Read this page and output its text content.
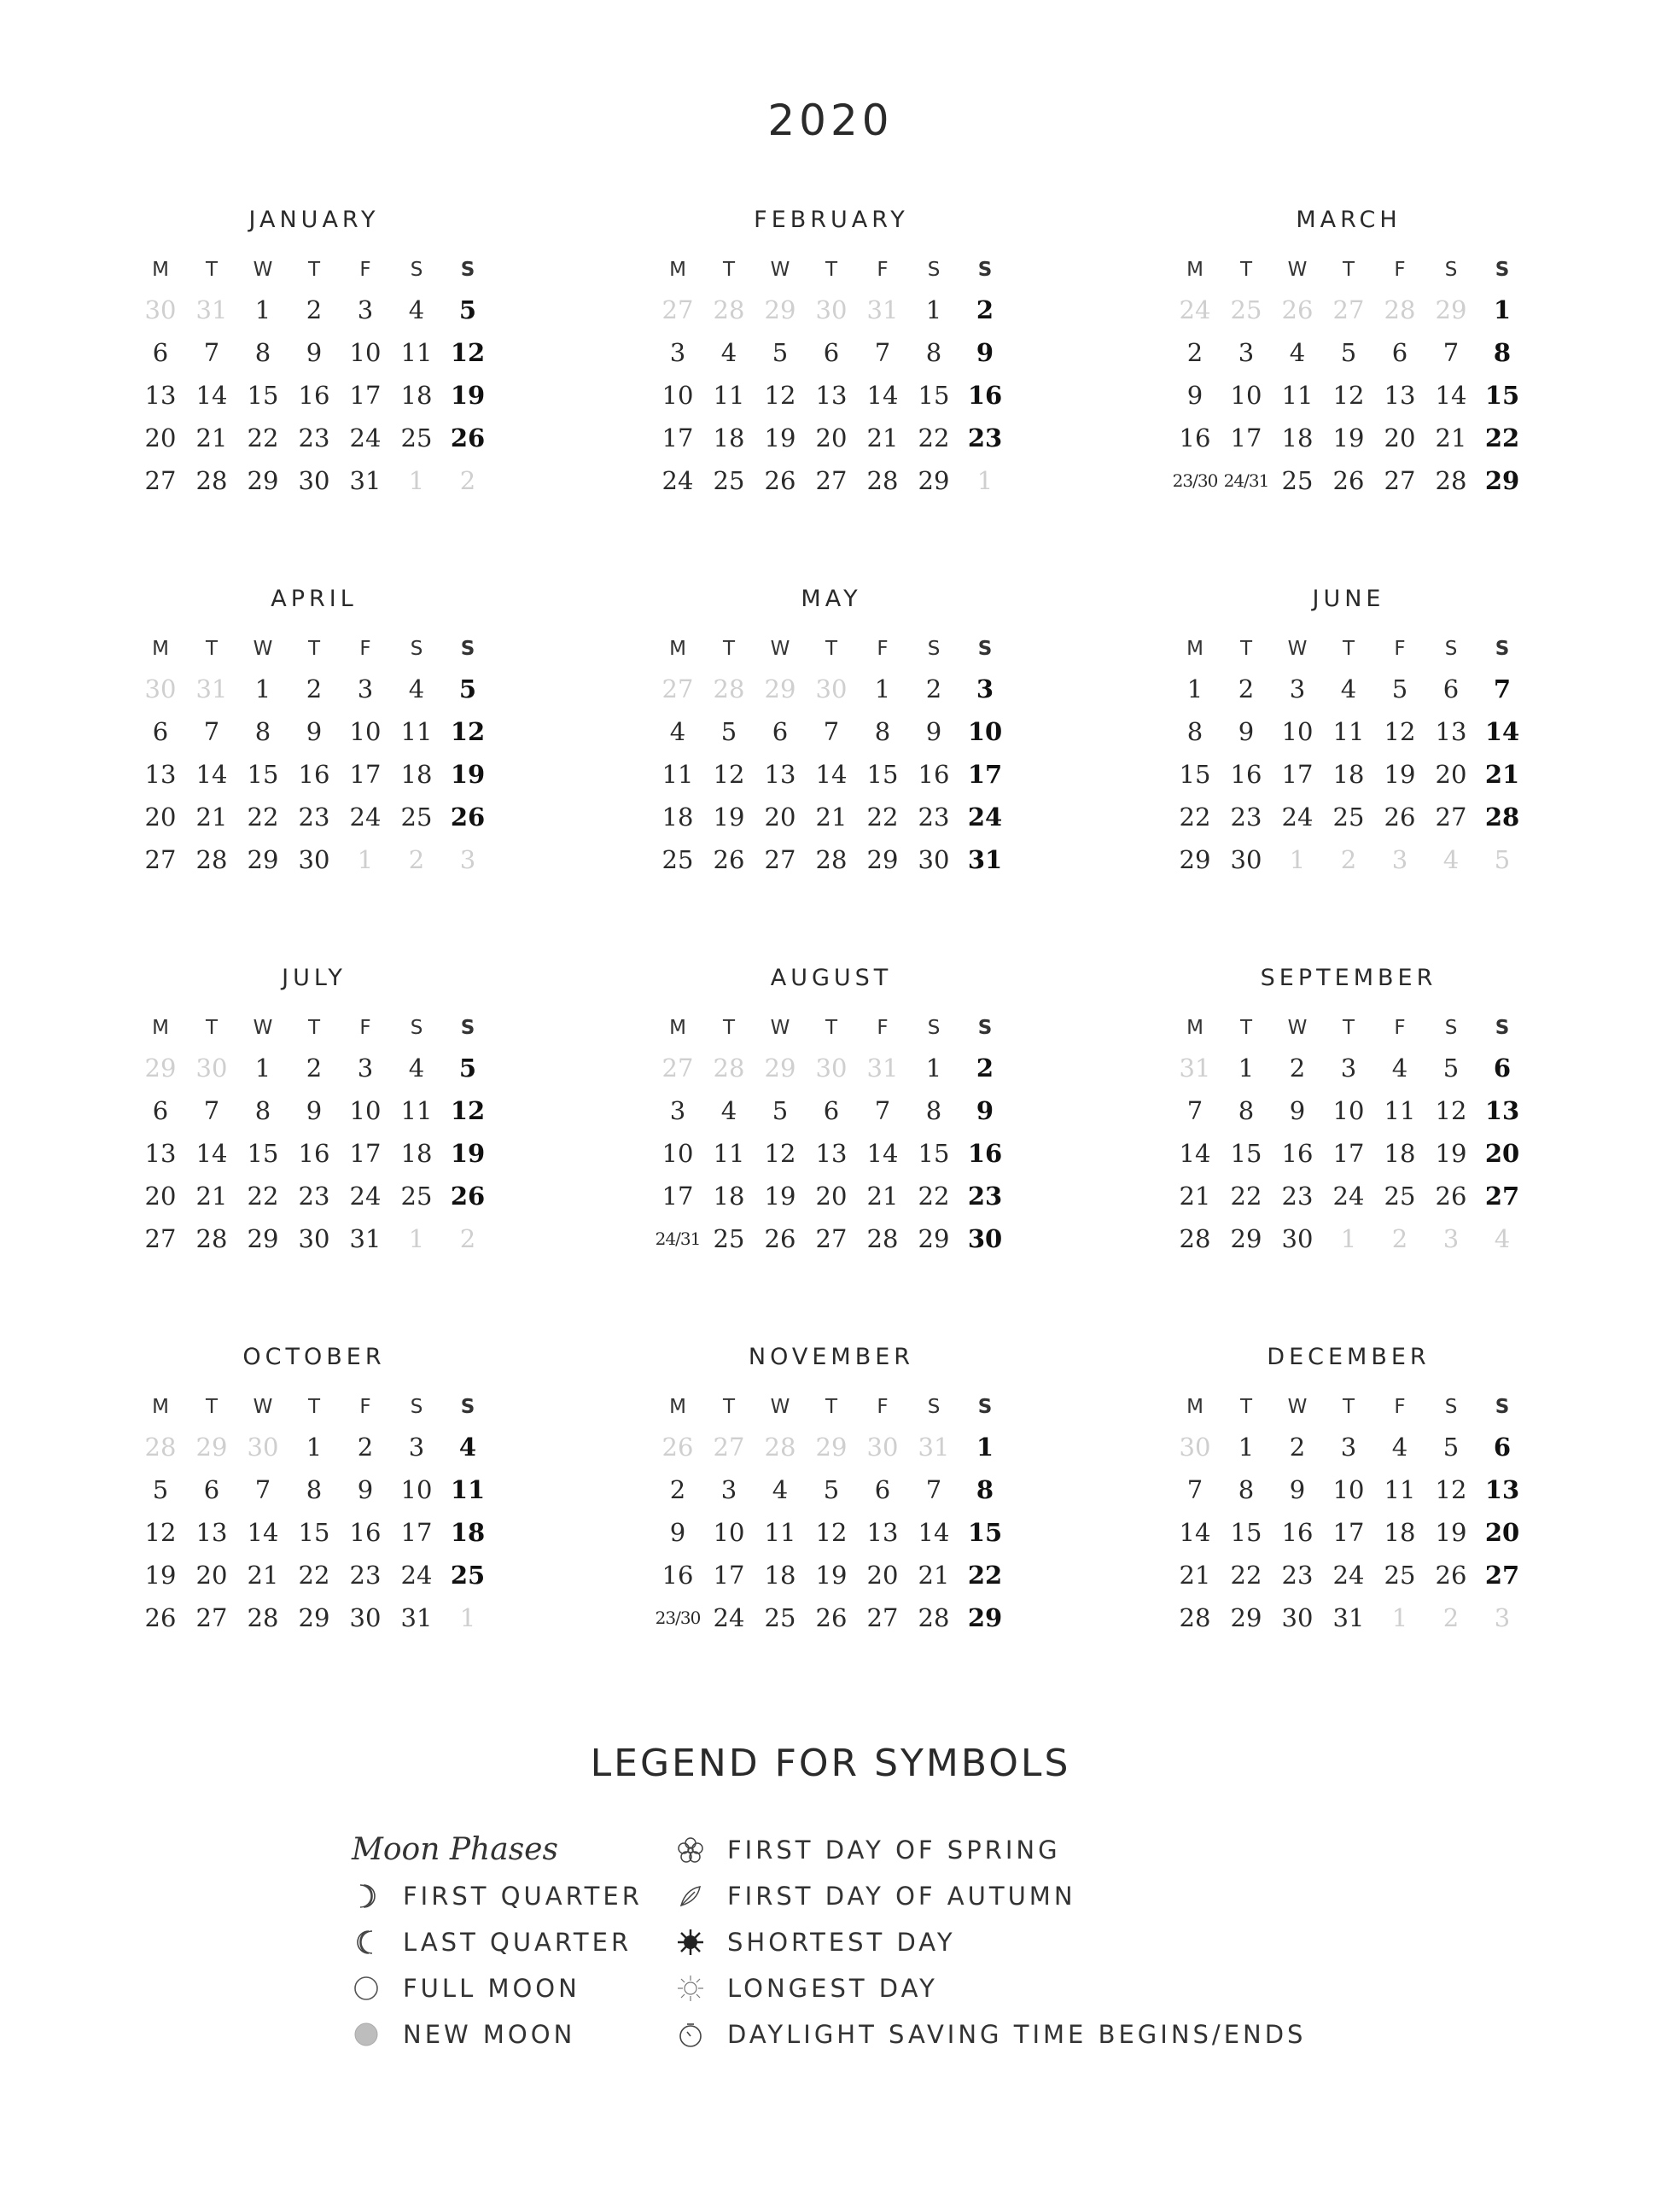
2020
JANUARY
M	T	W	T	F	S	S
30 31	1	2	3	4	5
6	7	8	9	10 11 12
13 14 15 16 17 18 19
20 21 22 23 24 25 26
27 28 29 30 31	1	2
FEBRUARY
M	T	W	T	F	S	S
27 28 29 30 31	1	2
3	4	5	6	7	8	9
10 11 12 13 14 15 16
17 18 19 20 21 22 23
24 25 26 27 28 29	1
MARCH
M	T	W	T	F	S	S
24 25 26 27 28 29	1
2	3	4	5	6	7	8
9	10 11 12 13 14 15
16 17 18 19 20 21 22
23/30 24/31 25 26 27 28 29
APRIL
M	T	W	T	F	S	S
30 31	1	2	3	4	5
6	7	8	9	10 11 12
13 14 15 16 17 18 19
20 21 22 23 24 25 26
27 28 29 30	1	2	3
MAY
M	T	W	T	F	S	S
27 28 29 30	1	2	3
4	5	6	7	8	9	10
11 12 13 14 15 16 17
18 19 20 21 22 23 24
25 26 27 28 29 30 31
JUNE
M	T	W	T	F	S	S
1	2	3	4	5	6	7
8	9	10 11 12 13 14
15 16 17 18 19 20 21
22 23 24 25 26 27 28
29 30	1	2	3	4	5
JULY
M	T	W	T	F	S	S
29 30	1	2	3	4	5
6	7	8	9	10 11 12
13 14 15 16 17 18 19
20 21 22 23 24 25 26
27 28 29 30 31	1	2
AUGUST
M	T	W	T	F	S	S
27 28 29 30 31	1	2
3	4	5	6	7	8	9
10 11 12 13 14 15 16
17 18 19 20 21 22 23
24/31 25 26 27 28 29 30
SEPTEMBER
M	T	W	T	F	S	S
31	1	2	3	4	5	6
7	8	9	10 11 12 13
14 15 16 17 18 19 20
21 22 23 24 25 26 27
28 29 30	1	2	3	4
OCTOBER
M	T	W	T	F	S	S
28 29 30	1	2	3	4
5	6	7	8	9	10 11
12 13 14 15 16 17 18
19 20 21 22 23 24 25
26 27 28 29 30 31	1
NOVEMBER
M	T	W	T	F	S	S
26 27 28 29 30 31	1
2	3	4	5	6	7	8
9	10 11 12 13 14 15
16 17 18 19 20 21 22
23/30 24 25 26 27 28 29
DECEMBER
M	T	W	T	F	S	S
30	1	2	3	4	5	6
7	8	9	10 11 12 13
14 15 16 17 18 19 20
21 22 23 24 25 26 27
28 29 30 31	1	2	3
LEGEND FOR SYMBOLS
Moon Phases
FIRST QUARTER
LAST QUARTER
FULL MOON
NEW MOON
FIRST DAY OF SPRING
FIRST DAY OF AUTUMN
SHORTEST DAY
LONGEST DAY
DAYLIGHT SAVING TIME BEGINS/ENDS
